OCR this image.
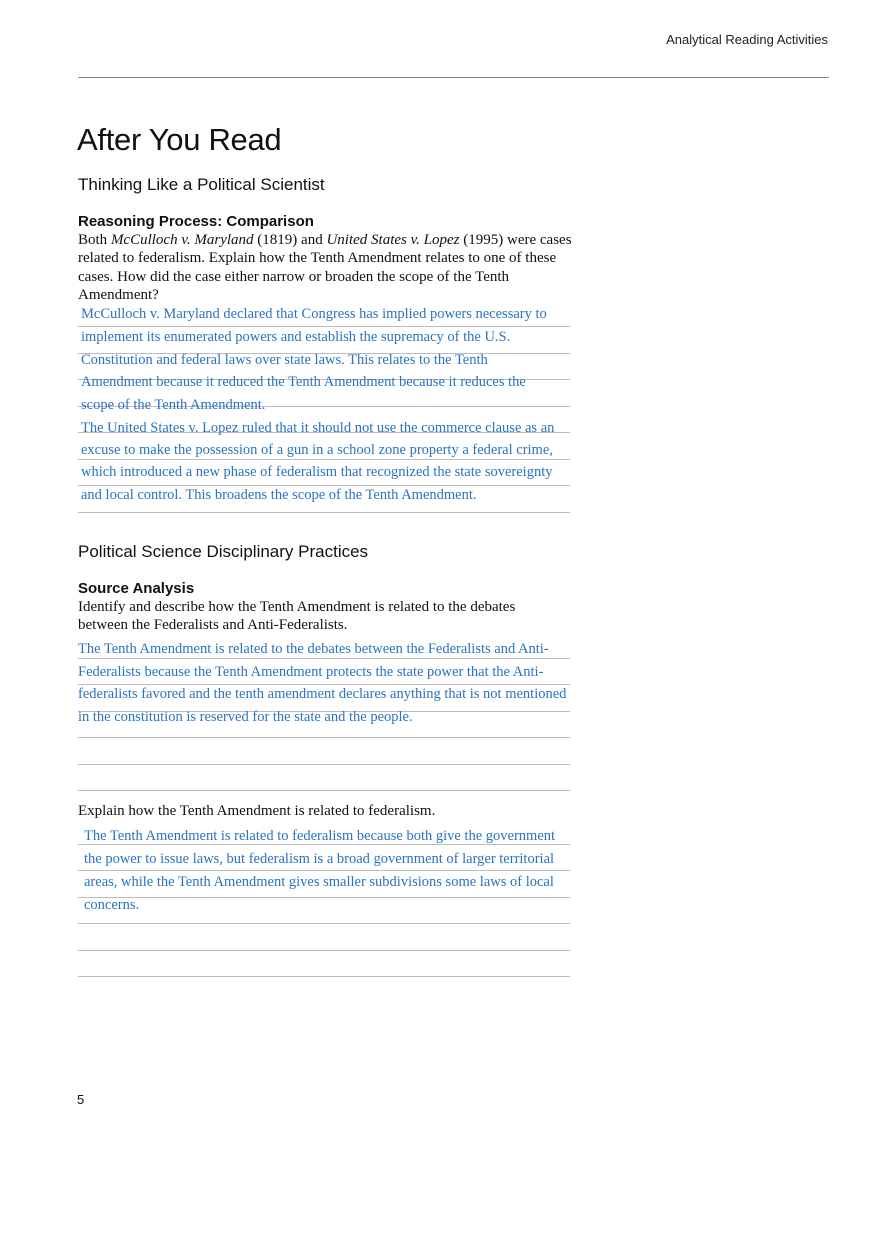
Analytical Reading Activities
After You Read
Thinking Like a Political Scientist
Reasoning Process: Comparison

Both McCulloch v. Maryland (1819) and United States v. Lopez (1995) were cases related to federalism. Explain how the Tenth Amendment relates to one of these cases. How did the case either narrow or broaden the scope of the Tenth Amendment?

McCulloch v. Maryland declared that Congress has implied powers necessary to
implement its enumerated powers and establish the supremacy of the U.S.
Constitution and federal laws over state laws. This relates to the Tenth
Amendment because it reduced the Tenth Amendment because it reduces the
scope of the Tenth Amendment.
The United States v. Lopez ruled that it should not use the commerce clause as an
excuse to make the possession of a gun in a school zone property a federal crime,
which introduced a new phase of federalism that recognized the state sovereignty
and local control. This broadens the scope of the Tenth Amendment.
Political Science Disciplinary Practices
Source Analysis

Identify and describe how the Tenth Amendment is related to the debates between the Federalists and Anti-Federalists.

The Tenth Amendment is related to the debates between the Federalists and Anti-
Federalists because the Tenth Amendment protects the state power that the Anti-
federalists favored and the tenth amendment declares anything that is not mentioned
in the constitution is reserved for the state and the people.

Explain how the Tenth Amendment is related to federalism.

The Tenth Amendment is related to federalism because both give the government
the power to issue laws, but federalism is a broad government of larger territorial
areas, while the Tenth Amendment gives smaller subdivisions some laws of local
concerns.
5
